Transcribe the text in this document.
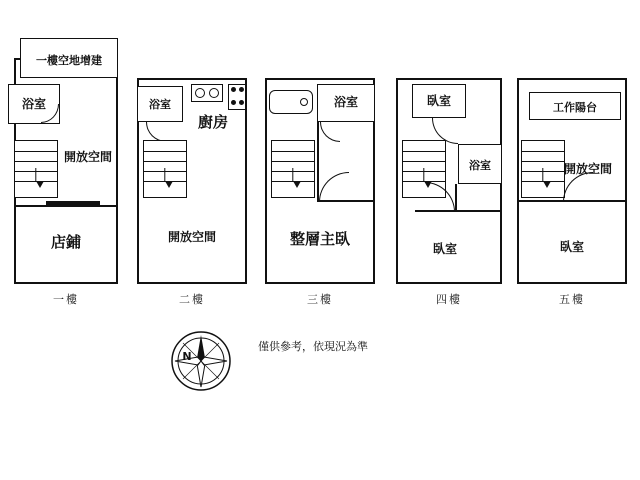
一樓空地增建
浴室
開放空間
店鋪
一樓
浴室
廚房
開放空間
二樓
浴室
整層主臥
三樓
臥室
浴室
臥室
四樓
工作陽台
開放空間
臥室
五樓
N
僅供參考，依現況為準
